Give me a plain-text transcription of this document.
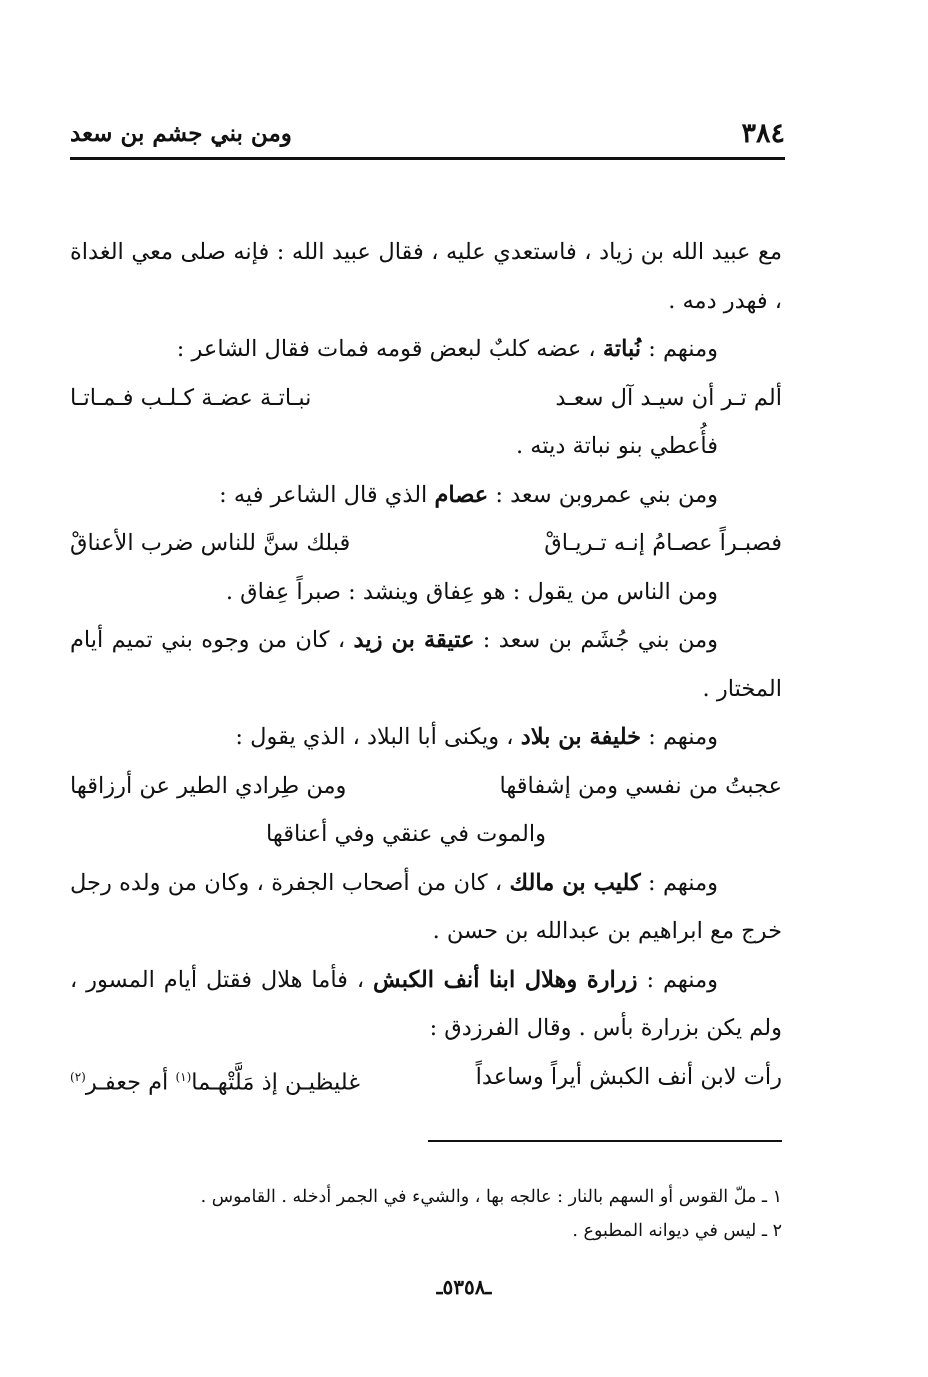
٣٨٤
ومن بني جشم بن سعد

مع عبيد الله بن زياد ، فاستعدي عليه ، فقال عبيد الله : فإنه صلى معي الغداة ، فهدر دمه .

ومنهم : نُباتة ، عضه كلبٌ لبعض قومه فمات فقال الشاعر :

ألم تـر أن سيـد آل سعـد
نبـاتـة عضـة كـلـب فـمـاتـا

فأُعطي بنو نباتة ديته .

ومن بني عمروبن سعد : عصام الذي قال الشاعر فيه :

فصبـراً عصـامُ إنـه تـريـاقْ
قبلك سنَّ للناس ضرب الأعناقْ

ومن الناس من يقول : هو عِفاق وينشد : صبراً عِفاق .

ومن بني جُشَم بن سعد : عتيقة بن زيد ، كان من وجوه بني تميم أيام المختار .

ومنهم : خليفة بن بلاد ، ويكنى أبا البلاد ، الذي يقول :

عجبتُ من نفسي ومن إشفاقها
ومن طِرادي الطير عن أرزاقها

والموت في عنقي وفي أعناقها

ومنهم : كليب بن مالك ، كان من أصحاب الجفرة ، وكان من ولده رجل خرج مع ابراهيم بن عبدالله بن حسن .

ومنهم : زرارة وهلال ابنا أنف الكبش ، فأما هلال فقتل أيام المسور ، ولم يكن بزرارة بأس . وقال الفرزدق :

رأت لابن أنف الكبش أيراً وساعداً
غليظيـن إذ مَلَّتْهـما$^{(١)}$ أم جعفـر$^{(٢)}$

١ ـ ملّ القوس أو السهم بالنار : عالجه بها ، والشيء في الجمر أدخله . القاموس .

٢ ـ ليس في ديوانه المطبوع .

ـ٥٣٥٨ـ
